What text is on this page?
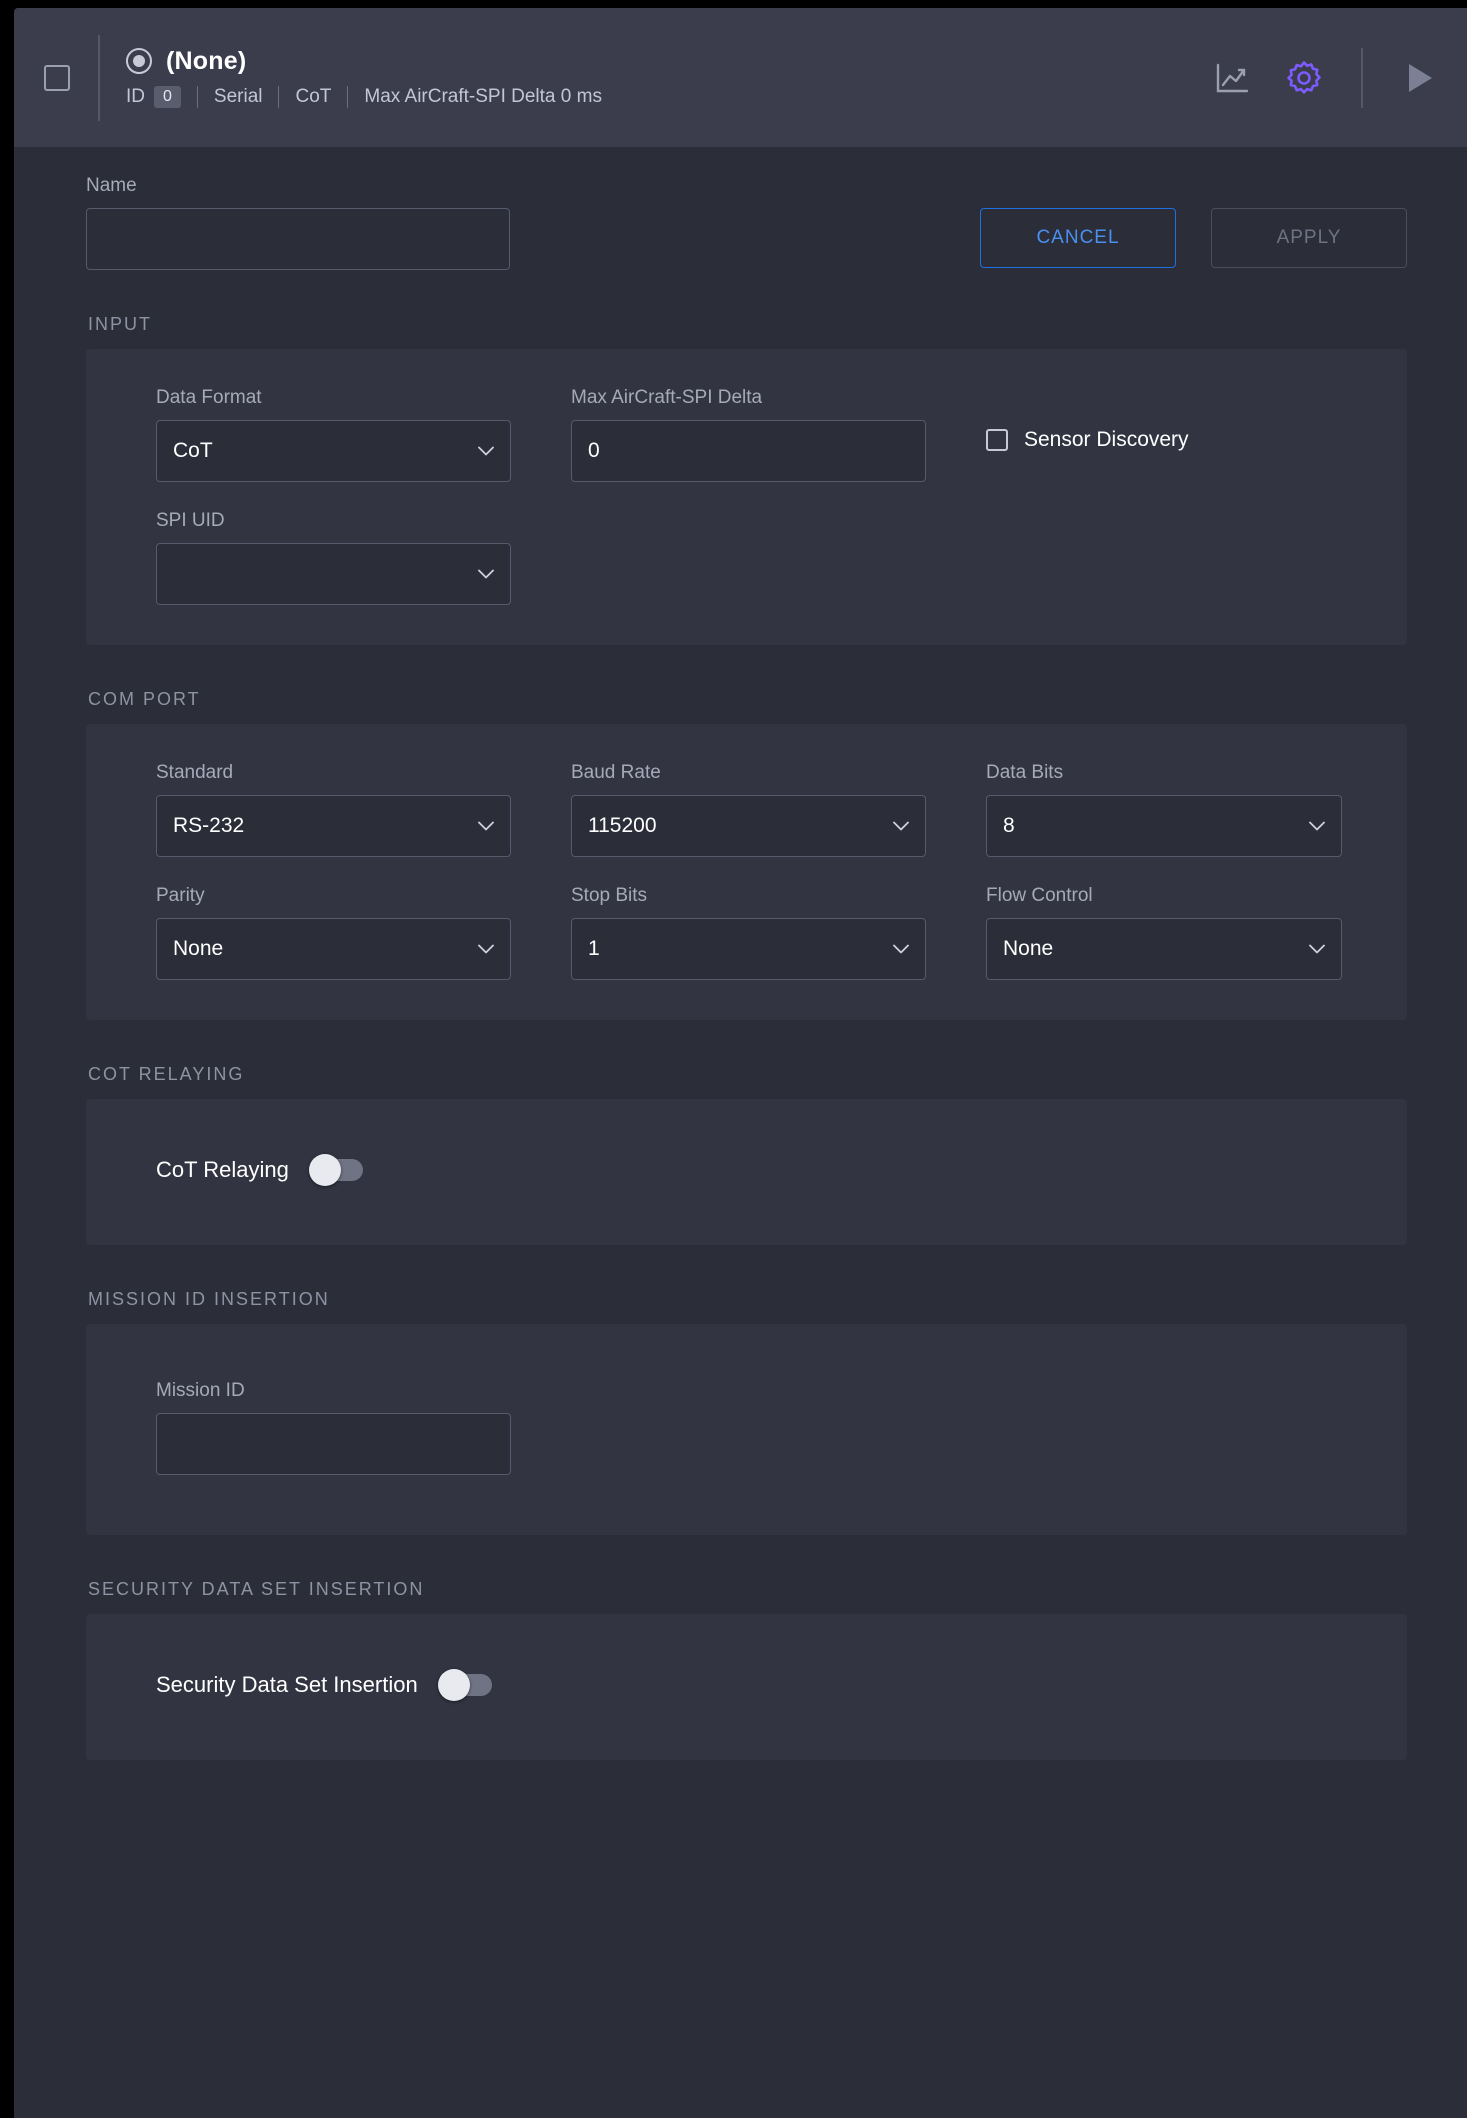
(None)
ID 0	Serial	CoT	Max AirCraft-SPI Delta 0 ms
Name
CANCEL	APPLY
INPUT
Data Format
CoT
Max AirCraft-SPI Delta
0
Sensor Discovery
SPI UID
COM PORT
Standard
RS-232
Baud Rate
115200
Data Bits
8
Parity
None
Stop Bits
1
Flow Control
None
COT RELAYING
CoT Relaying
MISSION ID INSERTION
Mission ID
SECURITY DATA SET INSERTION
Security Data Set Insertion
